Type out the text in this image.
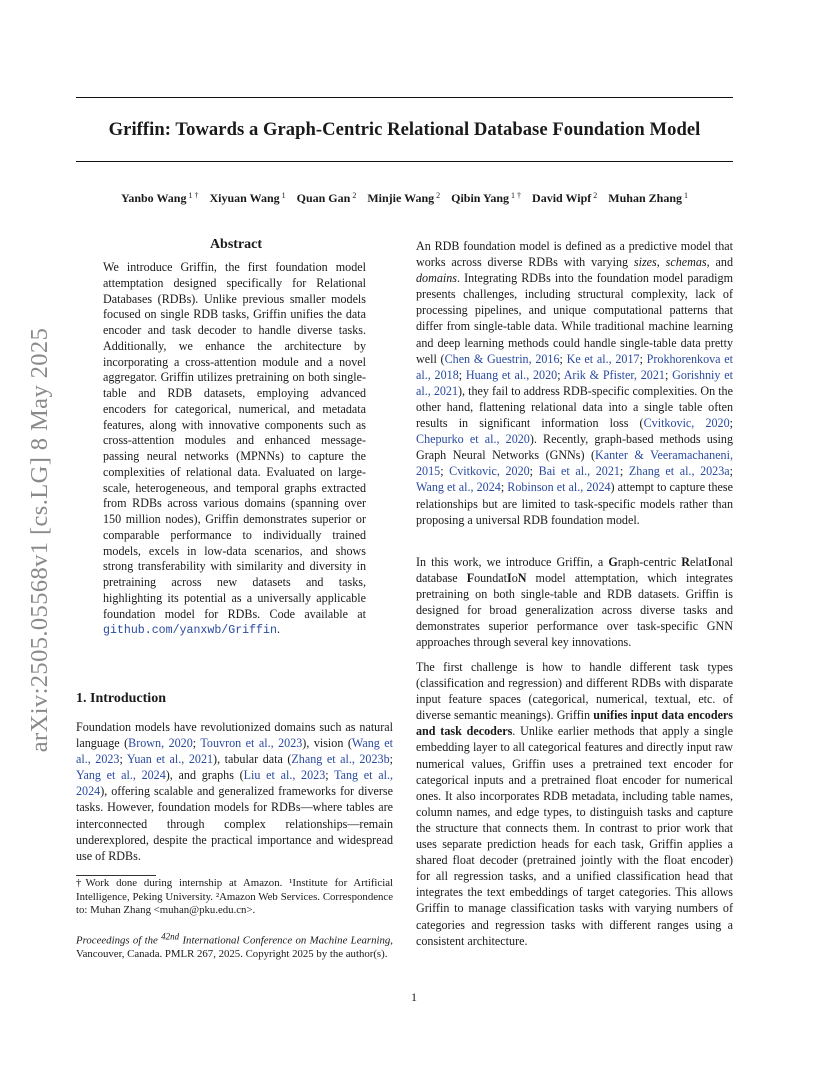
Griffin: Towards a Graph-Centric Relational Database Foundation Model
Yanbo Wang $^{1 \dagger}$ Xiyuan Wang $^1$ Quan Gan $^2$ Minjie Wang $^2$ Qibin Yang $^{1 \dagger}$ David Wipf $^2$ Muhan Zhang $^1$
arXiv:2505.05568v1 [cs.LG] 8 May 2025
Abstract
We introduce Griffin, the first foundation model attemptation designed specifically for Relational Databases (RDBs). Unlike previous smaller models focused on single RDB tasks, Griffin unifies the data encoder and task decoder to handle diverse tasks. Additionally, we enhance the architecture by incorporating a cross-attention module and a novel aggregator. Griffin utilizes pretraining on both single-table and RDB datasets, employing advanced encoders for categorical, numerical, and metadata features, along with innovative components such as cross-attention modules and enhanced message-passing neural networks (MPNNs) to capture the complexities of relational data. Evaluated on large-scale, heterogeneous, and temporal graphs extracted from RDBs across various domains (spanning over 150 million nodes), Griffin demonstrates superior or comparable performance to individually trained models, excels in low-data scenarios, and shows strong transferability with similarity and diversity in pretraining across new datasets and tasks, highlighting its potential as a universally applicable foundation model for RDBs. Code available at github.com/yanxwb/Griffin.
1. Introduction
Foundation models have revolutionized domains such as natural language (Brown, 2020; Touvron et al., 2023), vision (Wang et al., 2023; Yuan et al., 2021), tabular data (Zhang et al., 2023b; Yang et al., 2024), and graphs (Liu et al., 2023; Tang et al., 2024), offering scalable and generalized frameworks for diverse tasks. However, foundation models for RDBs—where tables are interconnected through complex relationships—remain underexplored, despite the practical importance and widespread use of RDBs.
†Work done during internship at Amazon. ¹Institute for Artificial Intelligence, Peking University. ²Amazon Web Services. Correspondence to: Muhan Zhang <muhan@pku.edu.cn>.
Proceedings of the $^{42nd}$ International Conference on Machine Learning, Vancouver, Canada. PMLR 267, 2025. Copyright 2025 by the author(s).
An RDB foundation model is defined as a predictive model that works across diverse RDBs with varying sizes, schemas, and domains. Integrating RDBs into the foundation model paradigm presents challenges, including structural complexity, lack of processing pipelines, and unique computational patterns that differ from single-table data. While traditional machine learning and deep learning methods could handle single-table data pretty well (Chen & Guestrin, 2016; Ke et al., 2017; Prokhorenkova et al., 2018; Huang et al., 2020; Arik & Pfister, 2021; Gorishniy et al., 2021), they fail to address RDB-specific complexities. On the other hand, flattening relational data into a single table often results in significant information loss (Cvitkovic, 2020; Chepurko et al., 2020). Recently, graph-based methods using Graph Neural Networks (GNNs) (Kanter & Veeramachaneni, 2015; Cvitkovic, 2020; Bai et al., 2021; Zhang et al., 2023a; Wang et al., 2024; Robinson et al., 2024) attempt to capture these relationships but are limited to task-specific models rather than proposing a universal RDB foundation model.
In this work, we introduce Griffin, a Graph-centric RelatIonal database FoundatIoN model attemptation, which integrates pretraining on both single-table and RDB datasets. Griffin is designed for broad generalization across diverse tasks and demonstrates superior performance over task-specific GNN approaches through several key innovations.
The first challenge is how to handle different task types (classification and regression) and different RDBs with disparate input feature spaces (categorical, numerical, textual, etc. of diverse semantic meanings). Griffin unifies input data encoders and task decoders. Unlike earlier methods that apply a single embedding layer to all categorical features and directly input raw numerical values, Griffin uses a pretrained text encoder for categorical inputs and a pretrained float encoder for numerical ones. It also incorporates RDB metadata, including table names, column names, and edge types, to distinguish tasks and capture the structure that connects them. In contrast to prior work that uses separate prediction heads for each task, Griffin applies a shared float decoder (pretrained jointly with the float encoder) for all regression tasks, and a unified classification head that integrates the text embeddings of target categories. This allows Griffin to manage classification tasks with varying numbers of categories and regression tasks with different ranges using a consistent architecture.
1
